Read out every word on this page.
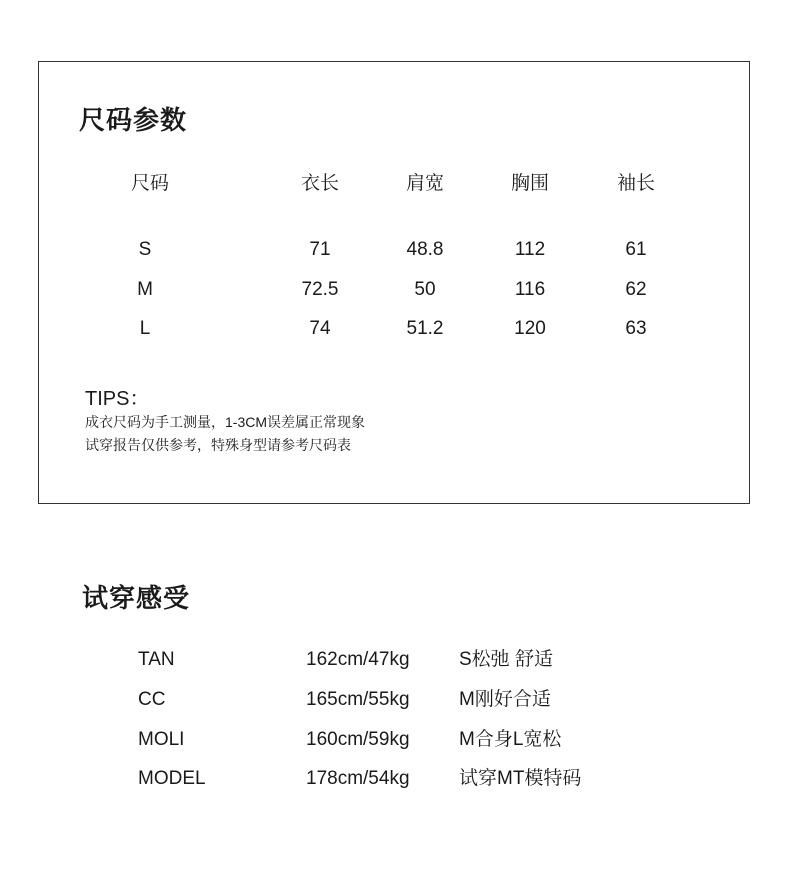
尺码参数
尺码	衣长	肩宽	胸围	袖长
S	71	48.8	112	61
M	72.5	50	116	62
L	74	51.2	120	63
TIPS：
成衣尺码为手工测量，1-3CM误差属正常现象
试穿报告仅供参考，特殊身型请参考尺码表
试穿感受
TAN	162cm/47kg	S松弛 舒适
CC	165cm/55kg	M刚好合适
MOLI	160cm/59kg	M合身L宽松
MODEL	178cm/54kg	试穿MT模特码
